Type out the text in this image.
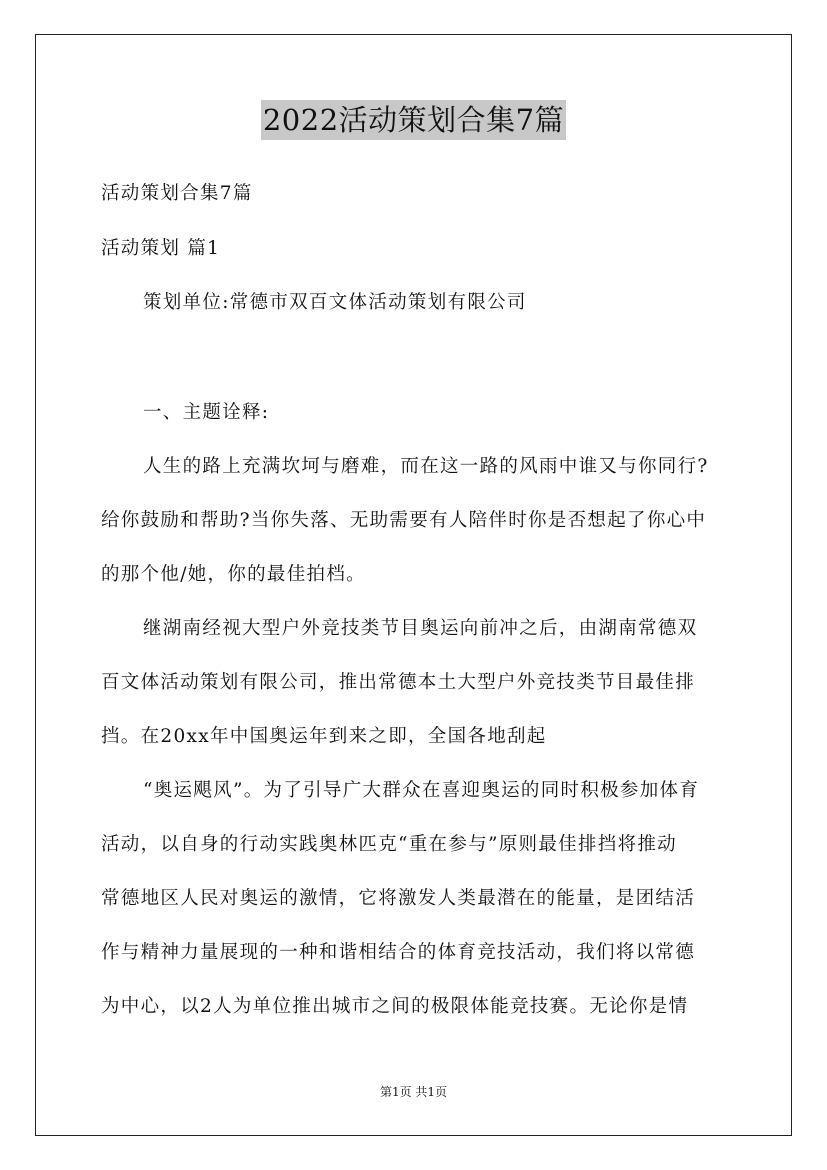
2022活动策划合集7篇
活动策划合集7篇
活动策划 篇1
策划单位:常德市双百文体活动策划有限公司
一、主题诠释:
人生的路上充满坎坷与磨难，而在这一路的风雨中谁又与你同行?
给你鼓励和帮助?当你失落、无助需要有人陪伴时你是否想起了你心中
的那个他/她，你的最佳拍档。
继湖南经视大型户外竞技类节目奥运向前冲之后，由湖南常德双
百文体活动策划有限公司，推出常德本土大型户外竞技类节目最佳排
挡。在20xx年中国奥运年到来之即，全国各地刮起
“奥运飓风”。为了引导广大群众在喜迎奥运的同时积极参加体育
活动，以自身的行动实践奥林匹克“重在参与”原则最佳排挡将推动
常德地区人民对奥运的激情，它将激发人类最潜在的能量，是团结活
作与精神力量展现的一种和谐相结合的体育竞技活动，我们将以常德
为中心，以2人为单位推出城市之间的极限体能竞技赛。无论你是情
第1页 共1页
